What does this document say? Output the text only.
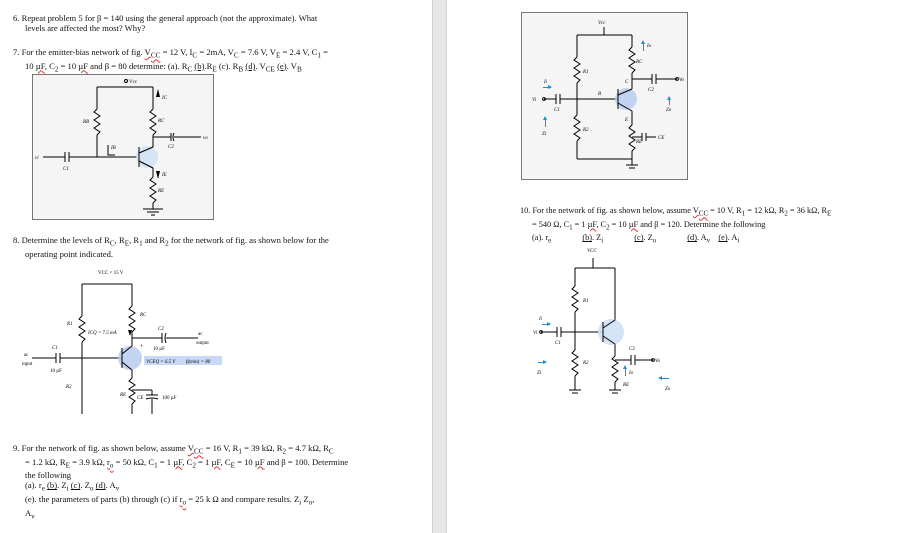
6. Repeat problem 5 for β = 140 using the general approach (not the approximate). What

levels are affected the most? Why?

7. For the emitter-bias network of fig. $V_{CC} = 12$ V, $I_C = 2mA$, $V_C = 7.6$ V, $V_E = 2.4$ V, $C_1$ =

10 µF, $C_2 = 10$ µF and β = 80 determine: (a). $R_C$ $(b).R_E$ (c). $R_B$ (d). $V_{CE}$ (e). $V_B$

Vcc
IC
RC
RB
C2
vo
IB
vi
C1
IE
RE

8. Determine the levels of $R_C$, $R_E$, $R_1$ and $R_2$ for the network of fig. as shown below for the

operating point indicated.

VCC = 15 V
RC
R1
ICQ = 7.5 mA
C2
ac
output
10 µF
+
C1
ac
input
10 µF
VCEQ = 6.5 V β(min) = 80
R2
RE
CE	100 µF

9. For the network of fig. as shown below, assume $V_{CC} = 16$ V, $R_1 = 39$ kΩ, $R_2 = 4.7$ kΩ, $R_C$

= 1.2 kΩ, $R_E = 3.9$ kΩ, $r_o = 50$ kΩ, $C_1 = 1$ µF, $C_2 = 1$ µF, $C_E = 10$ µF and β = 100. Determine

the following

(a). $r_e$ (b). $Z_i$ (c). $Z_o$ (d). $A_v$

(e). the parameters of parts (b) through (c) if $r_o = 25$ k Ω and compare results. $Z_i$ $Z_o$,

$A_v$

Vcc
RC
Io
R1
C2
Vo
Zo
Ii
Vi
B
C
E
C1
Zi
R2
RE
CE

10. For the network of fig. as shown below, assume $V_{CC} = 10$ V, $R_1 = 12$ kΩ, $R_2 = 36$ kΩ, $R_E$

= 540 Ω, $C_1 = 1$ µF, $C_2 = 10$ µF and β = 120. Determine the following

(a). $r_e$	(b). $Z_i$	(c). $Z_o$	(d). $A_v$ (e). $A_i$

VCC
R1
Ii
Vi
C1
Zi
R2
C2
Vo
Io
RE
Zo
